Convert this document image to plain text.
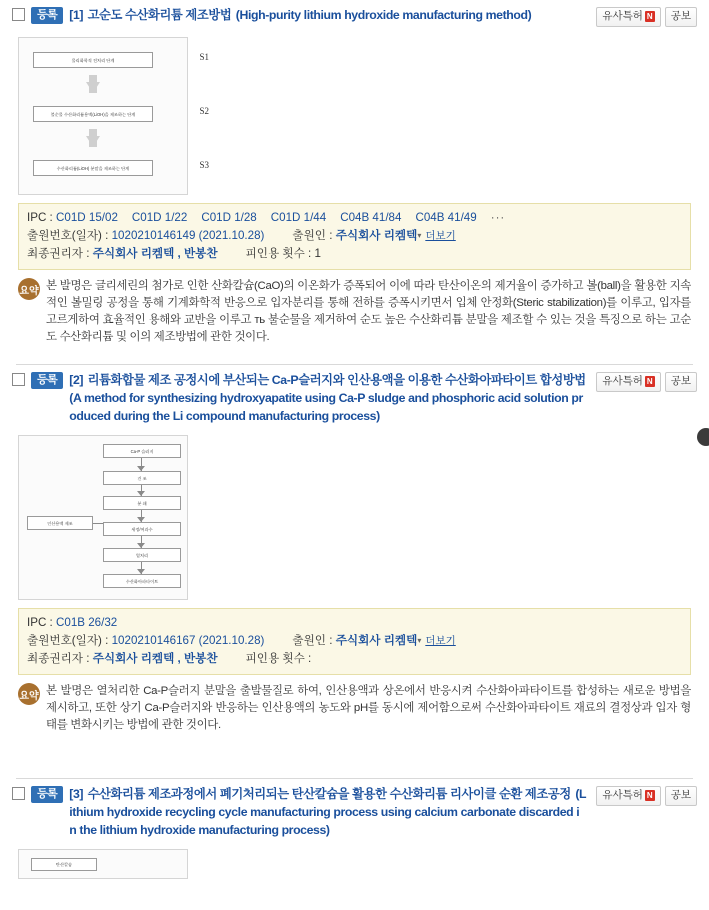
등록 [1] 고순도 수산화리튬 제조방법 (High-purity lithium hydroxide manufacturing method)	유사특허 N	공보
물리화학적 전처리 단계
불순물 수산화리튬용액(LiOH)을 제조하는 단계
수산화리튬(LiOH) 분말을 제조하는 단계
S1
S2
S3
IPC :
C01D 15/02 C01D 1/22 C01D 1/28 C01D 1/44 C04B 41/84 C04B 41/49 ···
출원번호(일자) :
1020210146149 (2021.10.28) 출원인 :
주식회사 리켐텍 ▾ 더보기
최종권리자 :
주식회사 리켐텍 , 반봉찬 피인용 횟수 :
1
요약 본 발명은 글리세린의 첨가로 인한 산화칼슘(CaO)의 이온화가 증폭되어 이에 따라 탄산이온의 제거율이 증가하고 볼(ball)을 활용한 지속적인 볼밀링 공정을 통해 기계화학적 반응으로 입자분리를 통해 전하를 증폭시키면서 입체 안정화(Steric stabilization)를 이루고, 입자를 고르게하여 효율적인 용해와 교반을 이루고 ть 불순물을 제거하여 순도 높은 수산화리튬 분말을 제조할 수 있는 것을 특징으로 하는 고순도 수산화리튬 및 이의 제조방법에 관한 것이다.
등록 [2] 리튬화합물 제조 공정시에 부산되는 Ca-P슬러지와 인산용액을 이용한 수산화아파타이트 합성방법 (A method for synthesizing hydroxyapatite using Ca-P sludge and phosphoric acid solution produced during the Li compound manufacturing process)
유사특허 N	공보
Ca-P 슬러지
건 조
분 쇄
세정/여과수
열처리
수산화아파타이트
인산용액 제조
IPC :
C01B 26/32
출원번호(일자) :
1020210146167 (2021.10.28) 출원인 :
주식회사 리켐텍 ▾ 더보기
최종권리자 :
주식회사 리켐텍 , 반봉찬 피인용 횟수 :

요약 본 발명은 열처리한 Ca-P슬러지 분말을 출발물질로 하여, 인산용액과 상온에서 반응시켜 수산화아파타이트를 합성하는 새로운 방법을 제시하고, 또한 상기 Ca-P슬러지와 반응하는 인산용액의 농도와 pH를 동시에 제어함으로써 수산화아파타이트 재료의 결정상과 입자 형태를 변화시키는 방법에 관한 것이다.
등록 [3] 수산화리튬 제조과정에서 폐기처리되는 탄산칼슘을 활용한 수산화리튬 리사이클 순환 제조공정 (Lithium hydroxide recycling cycle manufacturing process using calcium carbonate discarded in the lithium hydroxide manufacturing process)
유사특허 N	공보
탄산칼슘
